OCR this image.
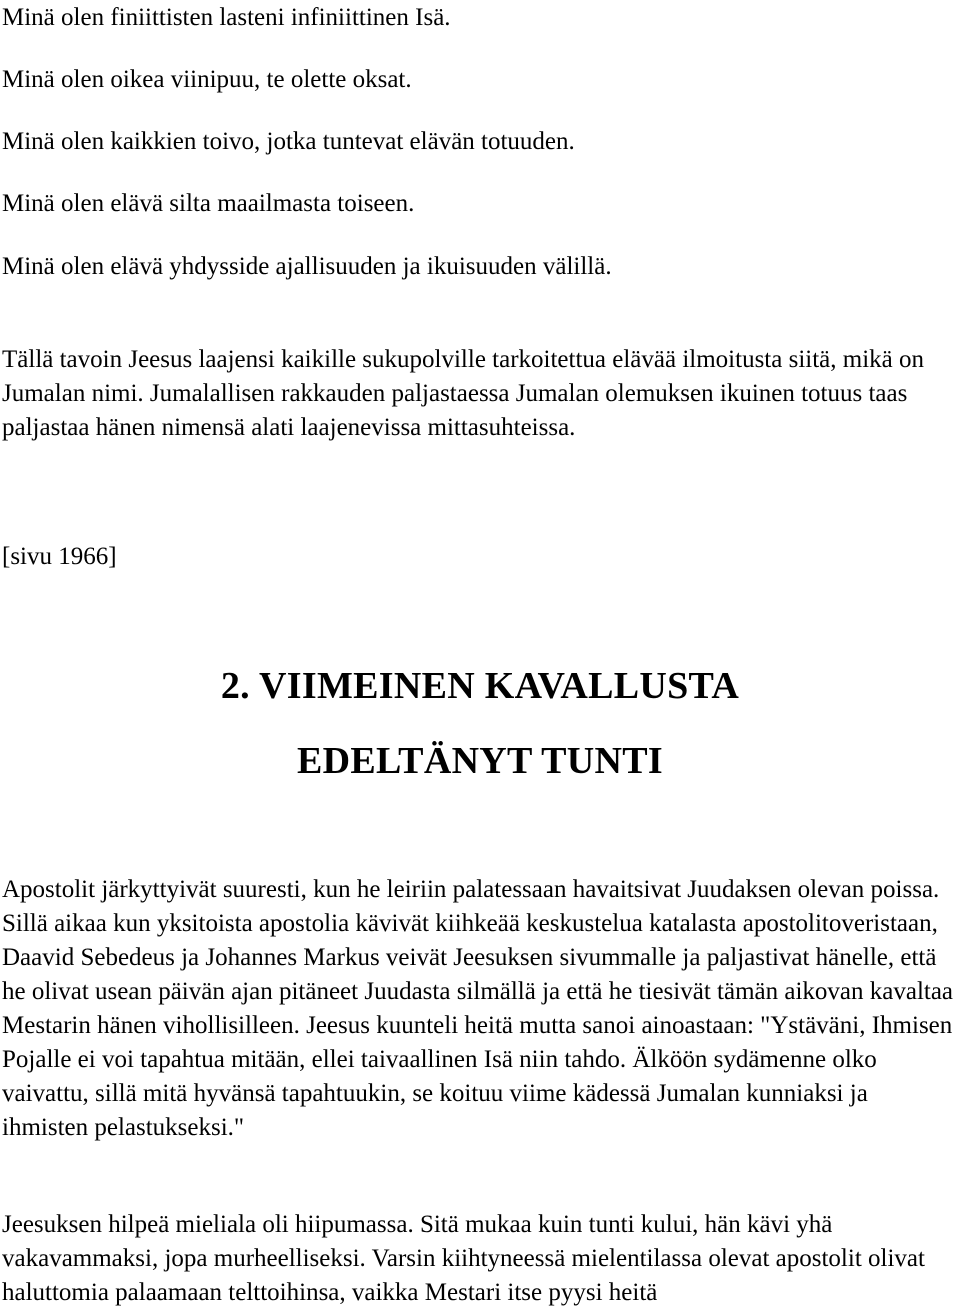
Minä olen finiittisten lasteni infiniittinen Isä.
Minä olen oikea viinipuu, te olette oksat.
Minä olen kaikkien toivo, jotka tuntevat elävän totuuden.
Minä olen elävä silta maailmasta toiseen.
Minä olen elävä yhdysside ajallisuuden ja ikuisuuden välillä.
Tällä tavoin Jeesus laajensi kaikille sukupolville tarkoitettua elävää ilmoitusta siitä, mikä on Jumalan nimi. Jumalallisen rakkauden paljastaessa Jumalan olemuksen ikuinen totuus taas paljastaa hänen nimensä alati laajenevissa mittasuhteissa.
[sivu 1966]
2. VIIMEINEN KAVALLUSTA
EDELTÄNYT TUNTI
Apostolit järkyttyivät suuresti, kun he leiriin palatessaan havaitsivat Juudaksen olevan poissa. Sillä aikaa kun yksitoista apostolia kävivät kiihkeää keskustelua katalasta apostolitoveristaan, Daavid Sebedeus ja Johannes Markus veivät Jeesuksen sivummalle ja paljastivat hänelle, että he olivat usean päivän ajan pitäneet Juudasta silmällä ja että he tiesivät tämän aikovan kavaltaa Mestarin hänen vihollisilleen. Jeesus kuunteli heitä mutta sanoi ainoastaan: "Ystäväni, Ihmisen Pojalle ei voi tapahtua mitään, ellei taivaallinen Isä niin tahdo. Älköön sydämenne olko vaivattu, sillä mitä hyvänsä tapahtuukin, se koituu viime kädessä Jumalan kunniaksi ja ihmisten pelastukseksi."
Jeesuksen hilpeä mieliala oli hiipumassa. Sitä mukaa kuin tunti kului, hän kävi yhä vakavammaksi, jopa murheelliseksi. Varsin kiihtyneessä mielentilassa olevat apostolit olivat haluttomia palaamaan telttoihinsa, vaikka Mestari itse pyysi heitä
